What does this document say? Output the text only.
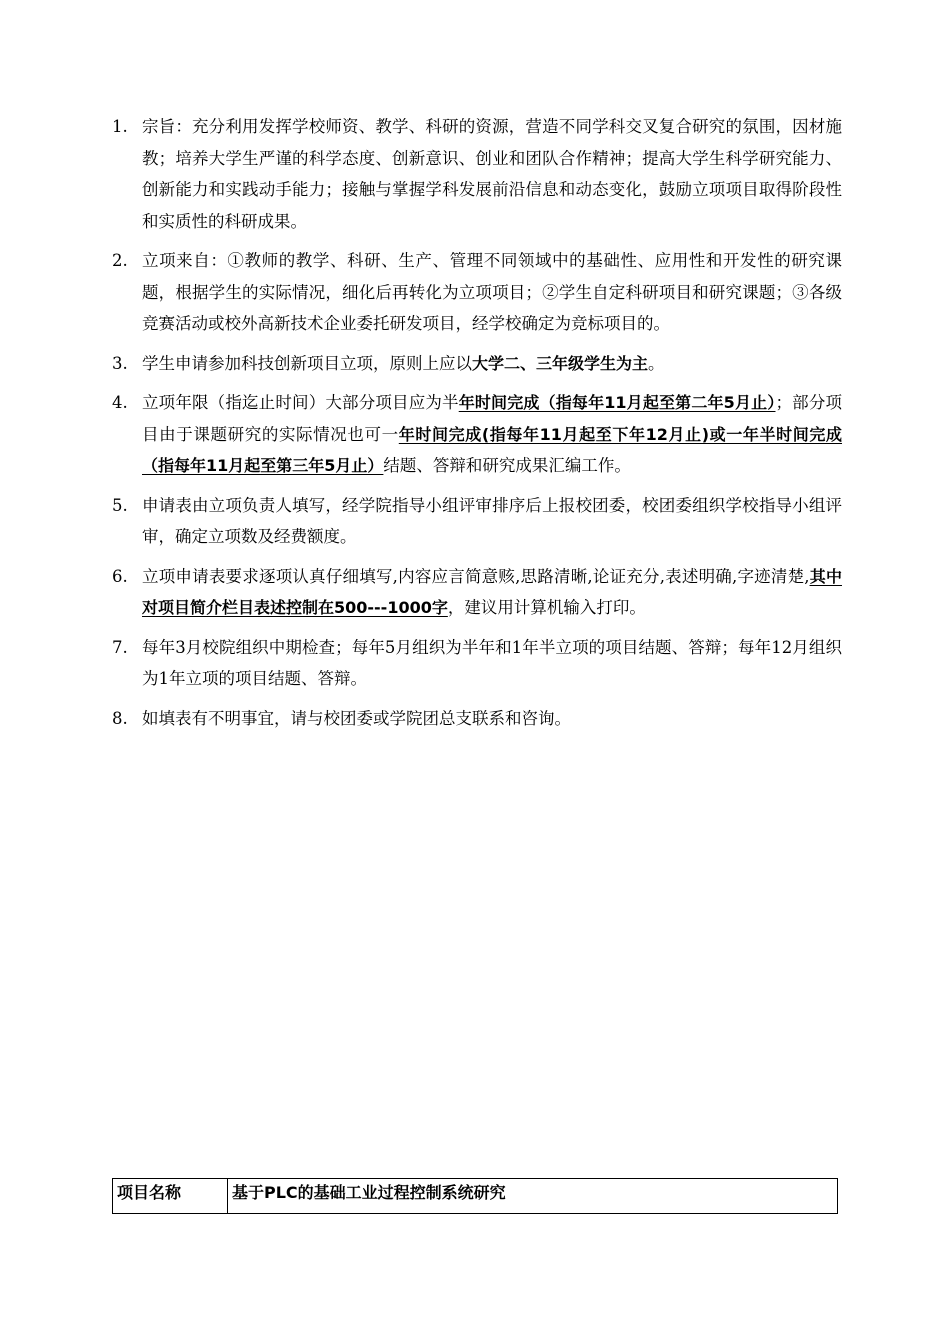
1. 宗旨：充分利用发挥学校师资、教学、科研的资源，营造不同学科交叉复合研究的氛围，因材施教；培养大学生严谨的科学态度、创新意识、创业和团队合作精神；提高大学生科学研究能力、创新能力和实践动手能力；接触与掌握学科发展前沿信息和动态变化，鼓励立项项目取得阶段性和实质性的科研成果。
2. 立项来自：①教师的教学、科研、生产、管理不同领域中的基础性、应用性和开发性的研究课题，根据学生的实际情况，细化后再转化为立项项目；②学生自定科研项目和研究课题；③各级竞赛活动或校外高新技术企业委托研发项目，经学校确定为竞标项目的。
3. 学生申请参加科技创新项目立项，原则上应以大学二、三年级学生为主。
4. 立项年限（指迄止时间）大部分项目应为半年时间完成（指每年11月起至第二年5月止）；部分项目由于课题研究的实际情况也可一年时间完成(指每年11月起至下年12月止)或一年半时间完成（指每年11月起至第三年5月止）结题、答辩和研究成果汇编工作。
5. 申请表由立项负责人填写，经学院指导小组评审排序后上报校团委，校团委组织学校指导小组评审，确定立项数及经费额度。
6. 立项申请表要求逐项认真仔细填写,内容应言简意赅,思路清晰,论证充分,表述明确,字迹清楚,其中对项目简介栏目表述控制在500---1000字，建议用计算机输入打印。
7. 每年3月校院组织中期检查；每年5月组织为半年和1年半立项的项目结题、答辩；每年12月组织为1年立项的项目结题、答辩。
8. 如填表有不明事宜，请与校团委或学院团总支联系和咨询。
项目名称	基于PLC的基础工业过程控制系统研究
